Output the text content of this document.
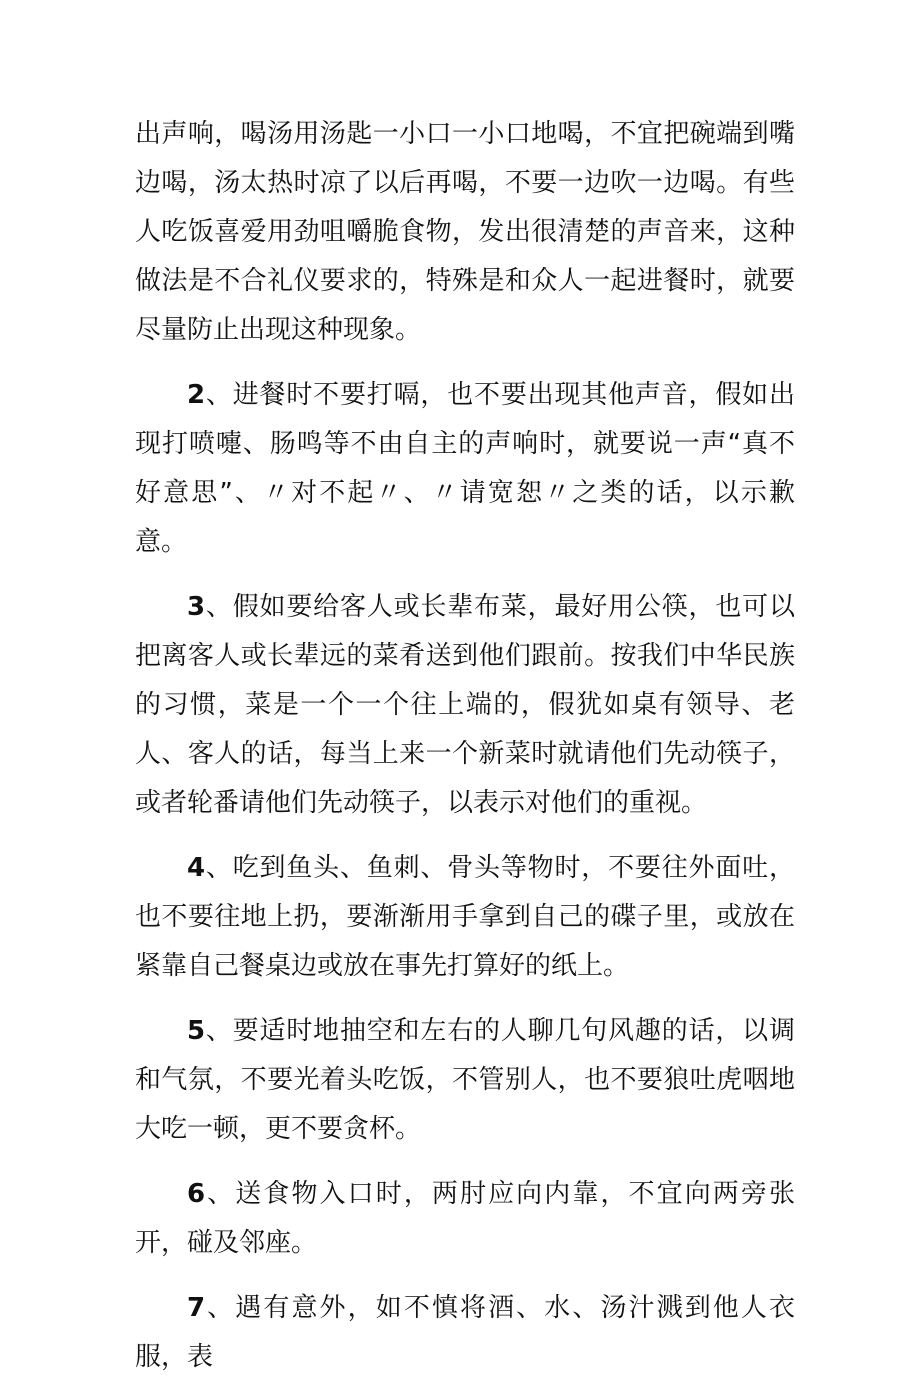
出声响，喝汤用汤匙一小口一小口地喝，不宜把碗端到嘴边喝，汤太热时凉了以后再喝，不要一边吹一边喝。有些人吃饭喜爱用劲咀嚼脆食物，发出很清楚的声音来，这种做法是不合礼仪要求的，特殊是和众人一起进餐时，就要尽量防止出现这种现象。

2、进餐时不要打嗝，也不要出现其他声音，假如出现打喷嚏、肠鸣等不由自主的声响时，就要说一声“真不好意思”、〃对不起〃、〃请宽恕〃之类的话，以示歉意。

3、假如要给客人或长辈布菜，最好用公筷，也可以把离客人或长辈远的菜肴送到他们跟前。按我们中华民族的习惯，菜是一个一个往上端的，假犹如桌有领导、老人、客人的话，每当上来一个新菜时就请他们先动筷子，或者轮番请他们先动筷子，以表示对他们的重视。

4、吃到鱼头、鱼刺、骨头等物时，不要往外面吐，也不要往地上扔，要渐渐用手拿到自己的碟子里，或放在紧靠自己餐桌边或放在事先打算好的纸上。

5、要适时地抽空和左右的人聊几句风趣的话，以调和气氛，不要光着头吃饭，不管别人，也不要狼吐虎咽地大吃一顿，更不要贪杯。

6、送食物入口时，两肘应向内靠，不宜向两旁张开，碰及邻座。

7、遇有意外，如不慎将酒、水、汤汁溅到他人衣服，表
